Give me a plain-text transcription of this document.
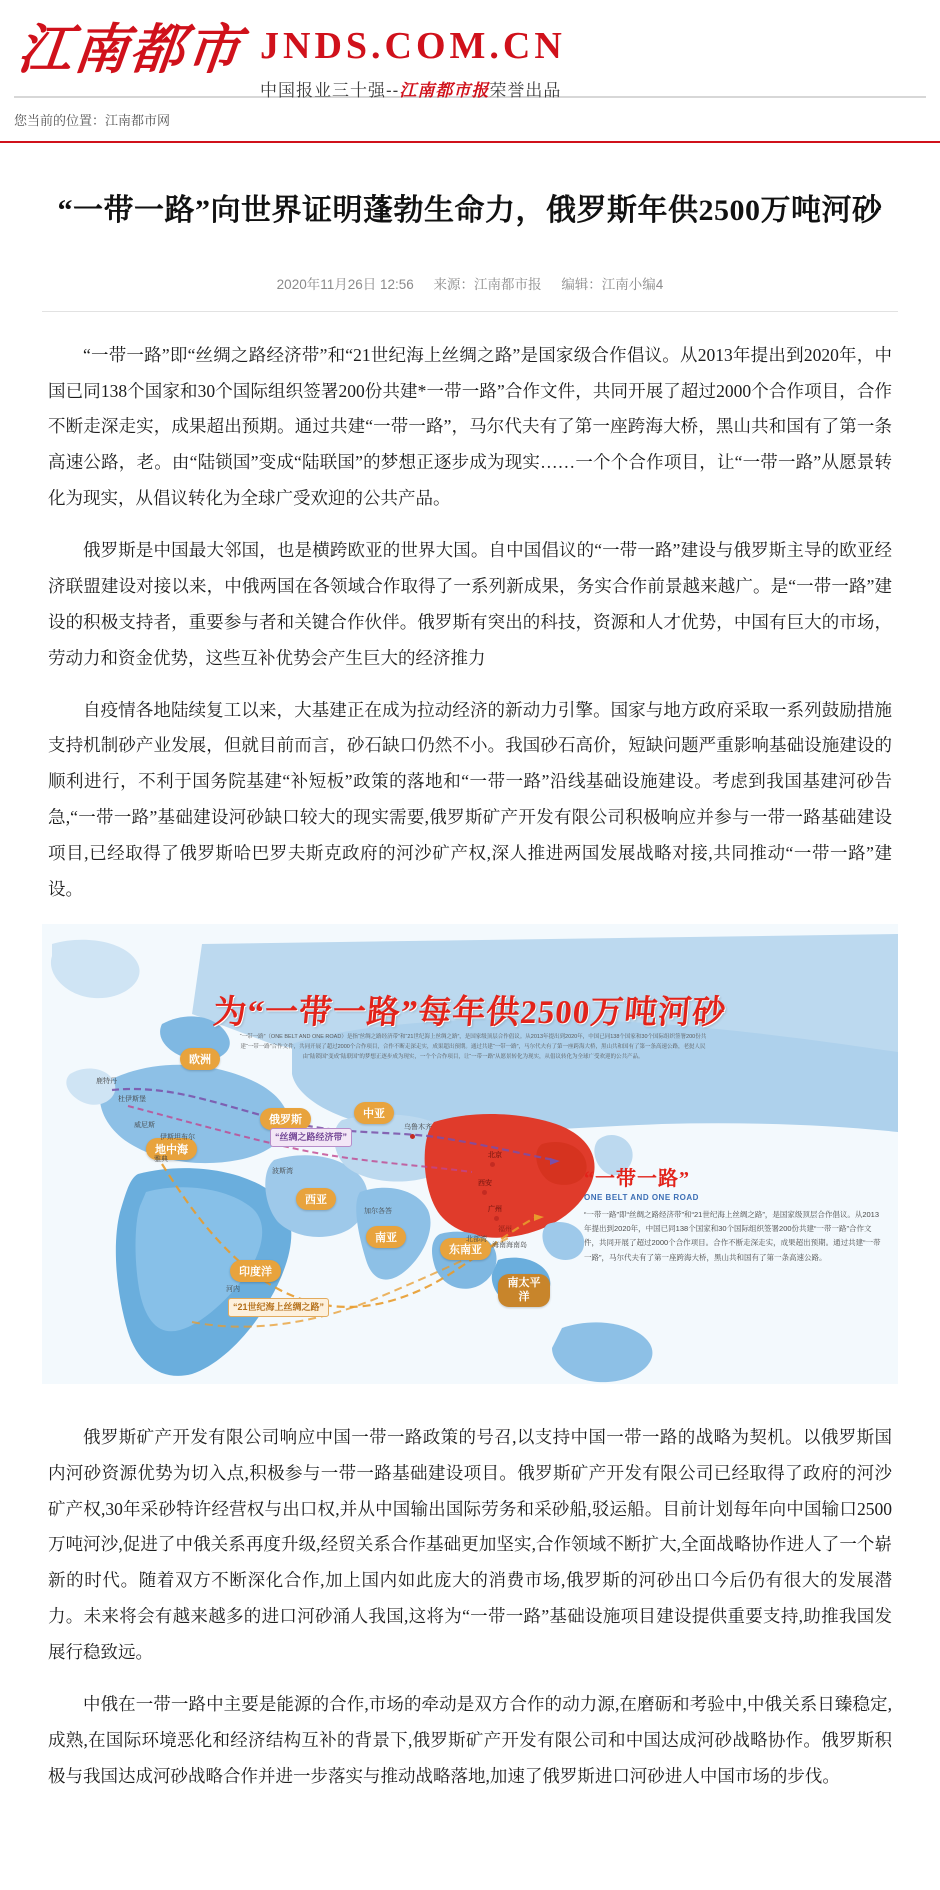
江南都市 JNDS.COM.CN
中国报业三十强--江南都市报荣誉出品
您当前的位置：江南都市网
“一带一路”向世界证明蓬勃生命力，俄罗斯年供2500万吨河砂
2020年11月26日 12:56 来源：江南都市报 编辑：江南小编4

“一带一路”即“丝绸之路经济带”和“21世纪海上丝绸之路”是国家级合作倡议。从2013年提出到2020年，中国已同138个国家和30个国际组织签署200份共建*一带一路”合作文件，共同开展了超过2000个合作项目，合作不断走深走实，成果超出预期。通过共建“一带一路”，马尔代夫有了第一座跨海大桥，黑山共和国有了第一条高速公路，老。由“陆锁国”变成“陆联国”的梦想正逐步成为现实……一个个合作项目，让“一带一路”从愿景转化为现实，从倡议转化为全球广受欢迎的公共产品。

俄罗斯是中国最大邻国，也是横跨欧亚的世界大国。自中国倡议的“一带一路”建设与俄罗斯主导的欧亚经济联盟建设对接以来，中俄两国在各领域合作取得了一系列新成果，务实合作前景越来越广。是“一带一路”建设的积极支持者，重要参与者和关键合作伙伴。俄罗斯有突出的科技，资源和人才优势，中国有巨大的市场，劳动力和资金优势，这些互补优势会产生巨大的经济推力

自疫情各地陆续复工以来，大基建正在成为拉动经济的新动力引擎。国家与地方政府采取一系列鼓励措施支持机制砂产业发展，但就目前而言，砂石缺口仍然不小。我国砂石高价，短缺问题严重影响基础设施建设的顺利进行，不利于国务院基建“补短板”政策的落地和“一带一路”沿线基础设施建设。考虑到我国基建河砂告急,“一带一路”基础建设河砂缺口较大的现实需要,俄罗斯矿产开发有限公司积极响应并参与一带一路基础建设项目,已经取得了俄罗斯哈巴罗夫斯克政府的河沙矿产权,深人推进两国发展战略对接,共同推动“一带一路”建设。

为“一带一路”每年供2500万吨河砂
“一带一路”（ONE BELT AND ONE ROAD）是指“丝绸之路经济带”和“21世纪海上丝绸之路”，是国家级顶层合作倡议。从2013年提出到2020年，中国已同138个国家和30个国际组织签署200份共建“一带一路”合作文件，共同开展了超过2000个合作项目，合作不断走深走实，成果超出预期。通过共建“一带一路”，马尔代夫有了第一座跨海大桥，黑山共和国有了第一条高速公路，老挝人民由“陆锁国”变成“陆联国”的梦想正逐步成为现实，一个个合作项目，让“一带一路”从愿景转化为现实，从倡议转化为全球广受欢迎的公共产品。
欧洲
俄罗斯	中亚
地中海
西亚
南亚
印度洋
东南亚
南太平洋
“丝绸之路经济带”
“21世纪海上丝绸之路”
鹿特丹
杜伊斯堡
威尼斯
伊斯坦布尔
雅典
波斯湾
乌鲁木齐
北京
西安
加尔各答	广州
福州
北部湾
海南海南岛
河内
“一带一路”
ONE BELT AND ONE ROAD
“一带一路”即“丝绸之路经济带”和“21世纪海上丝绸之路”，是国家级顶层合作倡议。从2013年提出到2020年，中国已同138个国家和30个国际组织签署200份共建“一带一路”合作文件，共同开展了超过2000个合作项目。合作不断走深走实，成果超出预期。通过共建“一带一路”，马尔代夫有了第一座跨海大桥，黑山共和国有了第一条高速公路。

俄罗斯矿产开发有限公司响应中国一带一路政策的号召,以支持中国一带一路的战略为契机。以俄罗斯国内河砂资源优势为切入点,积极参与一带一路基础建设项目。俄罗斯矿产开发有限公司已经取得了政府的河沙矿产权,30年采砂特许经营权与出口权,并从中国输出国际劳务和采砂船,驳运船。目前计划每年向中国输口2500万吨河沙,促进了中俄关系再度升级,经贸关系合作基础更加坚实,合作领域不断扩大,全面战略协作进人了一个崭新的时代。随着双方不断深化合作,加上国内如此庞大的消费市场,俄罗斯的河砂出口今后仍有很大的发展潜力。未来将会有越来越多的进口河砂涌人我国,这将为“一带一路”基础设施项目建设提供重要支持,助推我国发展行稳致远。

中俄在一带一路中主要是能源的合作,市场的牵动是双方合作的动力源,在磨砺和考验中,中俄关系日臻稳定,成熟,在国际环境恶化和经济结构互补的背景下,俄罗斯矿产开发有限公司和中国达成河砂战略协作。俄罗斯积极与我国达成河砂战略合作并进一步落实与推动战略落地,加速了俄罗斯进口河砂进人中国市场的步伐。
